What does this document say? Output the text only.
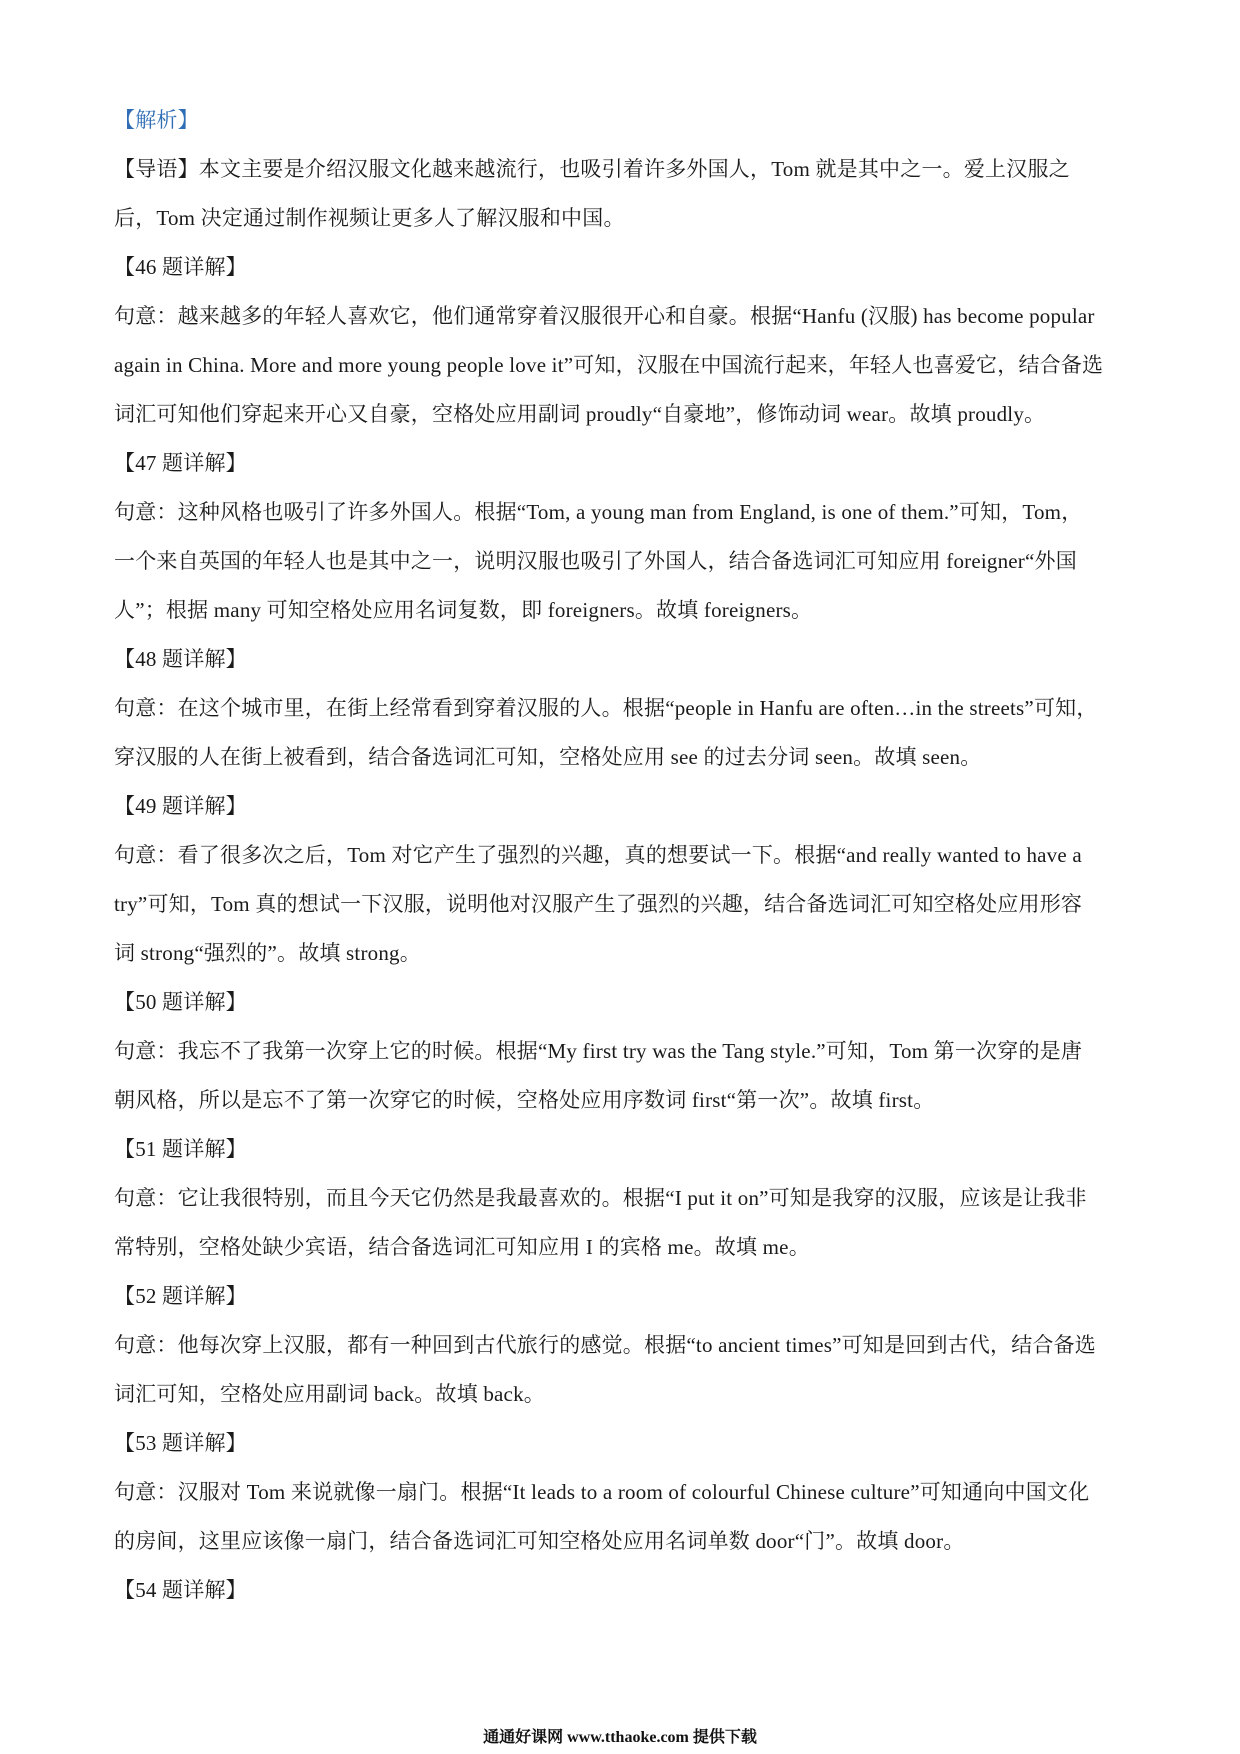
【解析】
【导语】本文主要是介绍汉服文化越来越流行，也吸引着许多外国人，Tom 就是其中之一。爱上汉服之
后，Tom 决定通过制作视频让更多人了解汉服和中国。
【46 题详解】
句意：越来越多的年轻人喜欢它，他们通常穿着汉服很开心和自豪。根据“Hanfu (汉服) has become popular
again in China. More and more young people love it”可知，汉服在中国流行起来，年轻人也喜爱它，结合备选
词汇可知他们穿起来开心又自豪，空格处应用副词 proudly“自豪地”，修饰动词 wear。故填 proudly。
【47 题详解】
句意：这种风格也吸引了许多外国人。根据“Tom, a young man from England, is one of them.”可知，Tom，
一个来自英国的年轻人也是其中之一，说明汉服也吸引了外国人，结合备选词汇可知应用 foreigner“外国
人”；根据 many 可知空格处应用名词复数，即 foreigners。故填 foreigners。
【48 题详解】
句意：在这个城市里，在街上经常看到穿着汉服的人。根据“people in Hanfu are often…in the streets”可知，
穿汉服的人在街上被看到，结合备选词汇可知，空格处应用 see 的过去分词 seen。故填 seen。
【49 题详解】
句意：看了很多次之后，Tom 对它产生了强烈的兴趣，真的想要试一下。根据“and really wanted to have a
try”可知，Tom 真的想试一下汉服，说明他对汉服产生了强烈的兴趣，结合备选词汇可知空格处应用形容
词 strong“强烈的”。故填 strong。
【50 题详解】
句意：我忘不了我第一次穿上它的时候。根据“My first try was the Tang style.”可知，Tom 第一次穿的是唐
朝风格，所以是忘不了第一次穿它的时候，空格处应用序数词 first“第一次”。故填 first。
【51 题详解】
句意：它让我很特别，而且今天它仍然是我最喜欢的。根据“I put it on”可知是我穿的汉服，应该是让我非
常特别，空格处缺少宾语，结合备选词汇可知应用 I 的宾格 me。故填 me。
【52 题详解】
句意：他每次穿上汉服，都有一种回到古代旅行的感觉。根据“to ancient times”可知是回到古代，结合备选
词汇可知，空格处应用副词 back。故填 back。
【53 题详解】
句意：汉服对 Tom 来说就像一扇门。根据“It leads to a room of colourful Chinese culture”可知通向中国文化
的房间，这里应该像一扇门，结合备选词汇可知空格处应用名词单数 door“门”。故填 door。
【54 题详解】
通通好课网 www.tthaoke.com 提供下载
